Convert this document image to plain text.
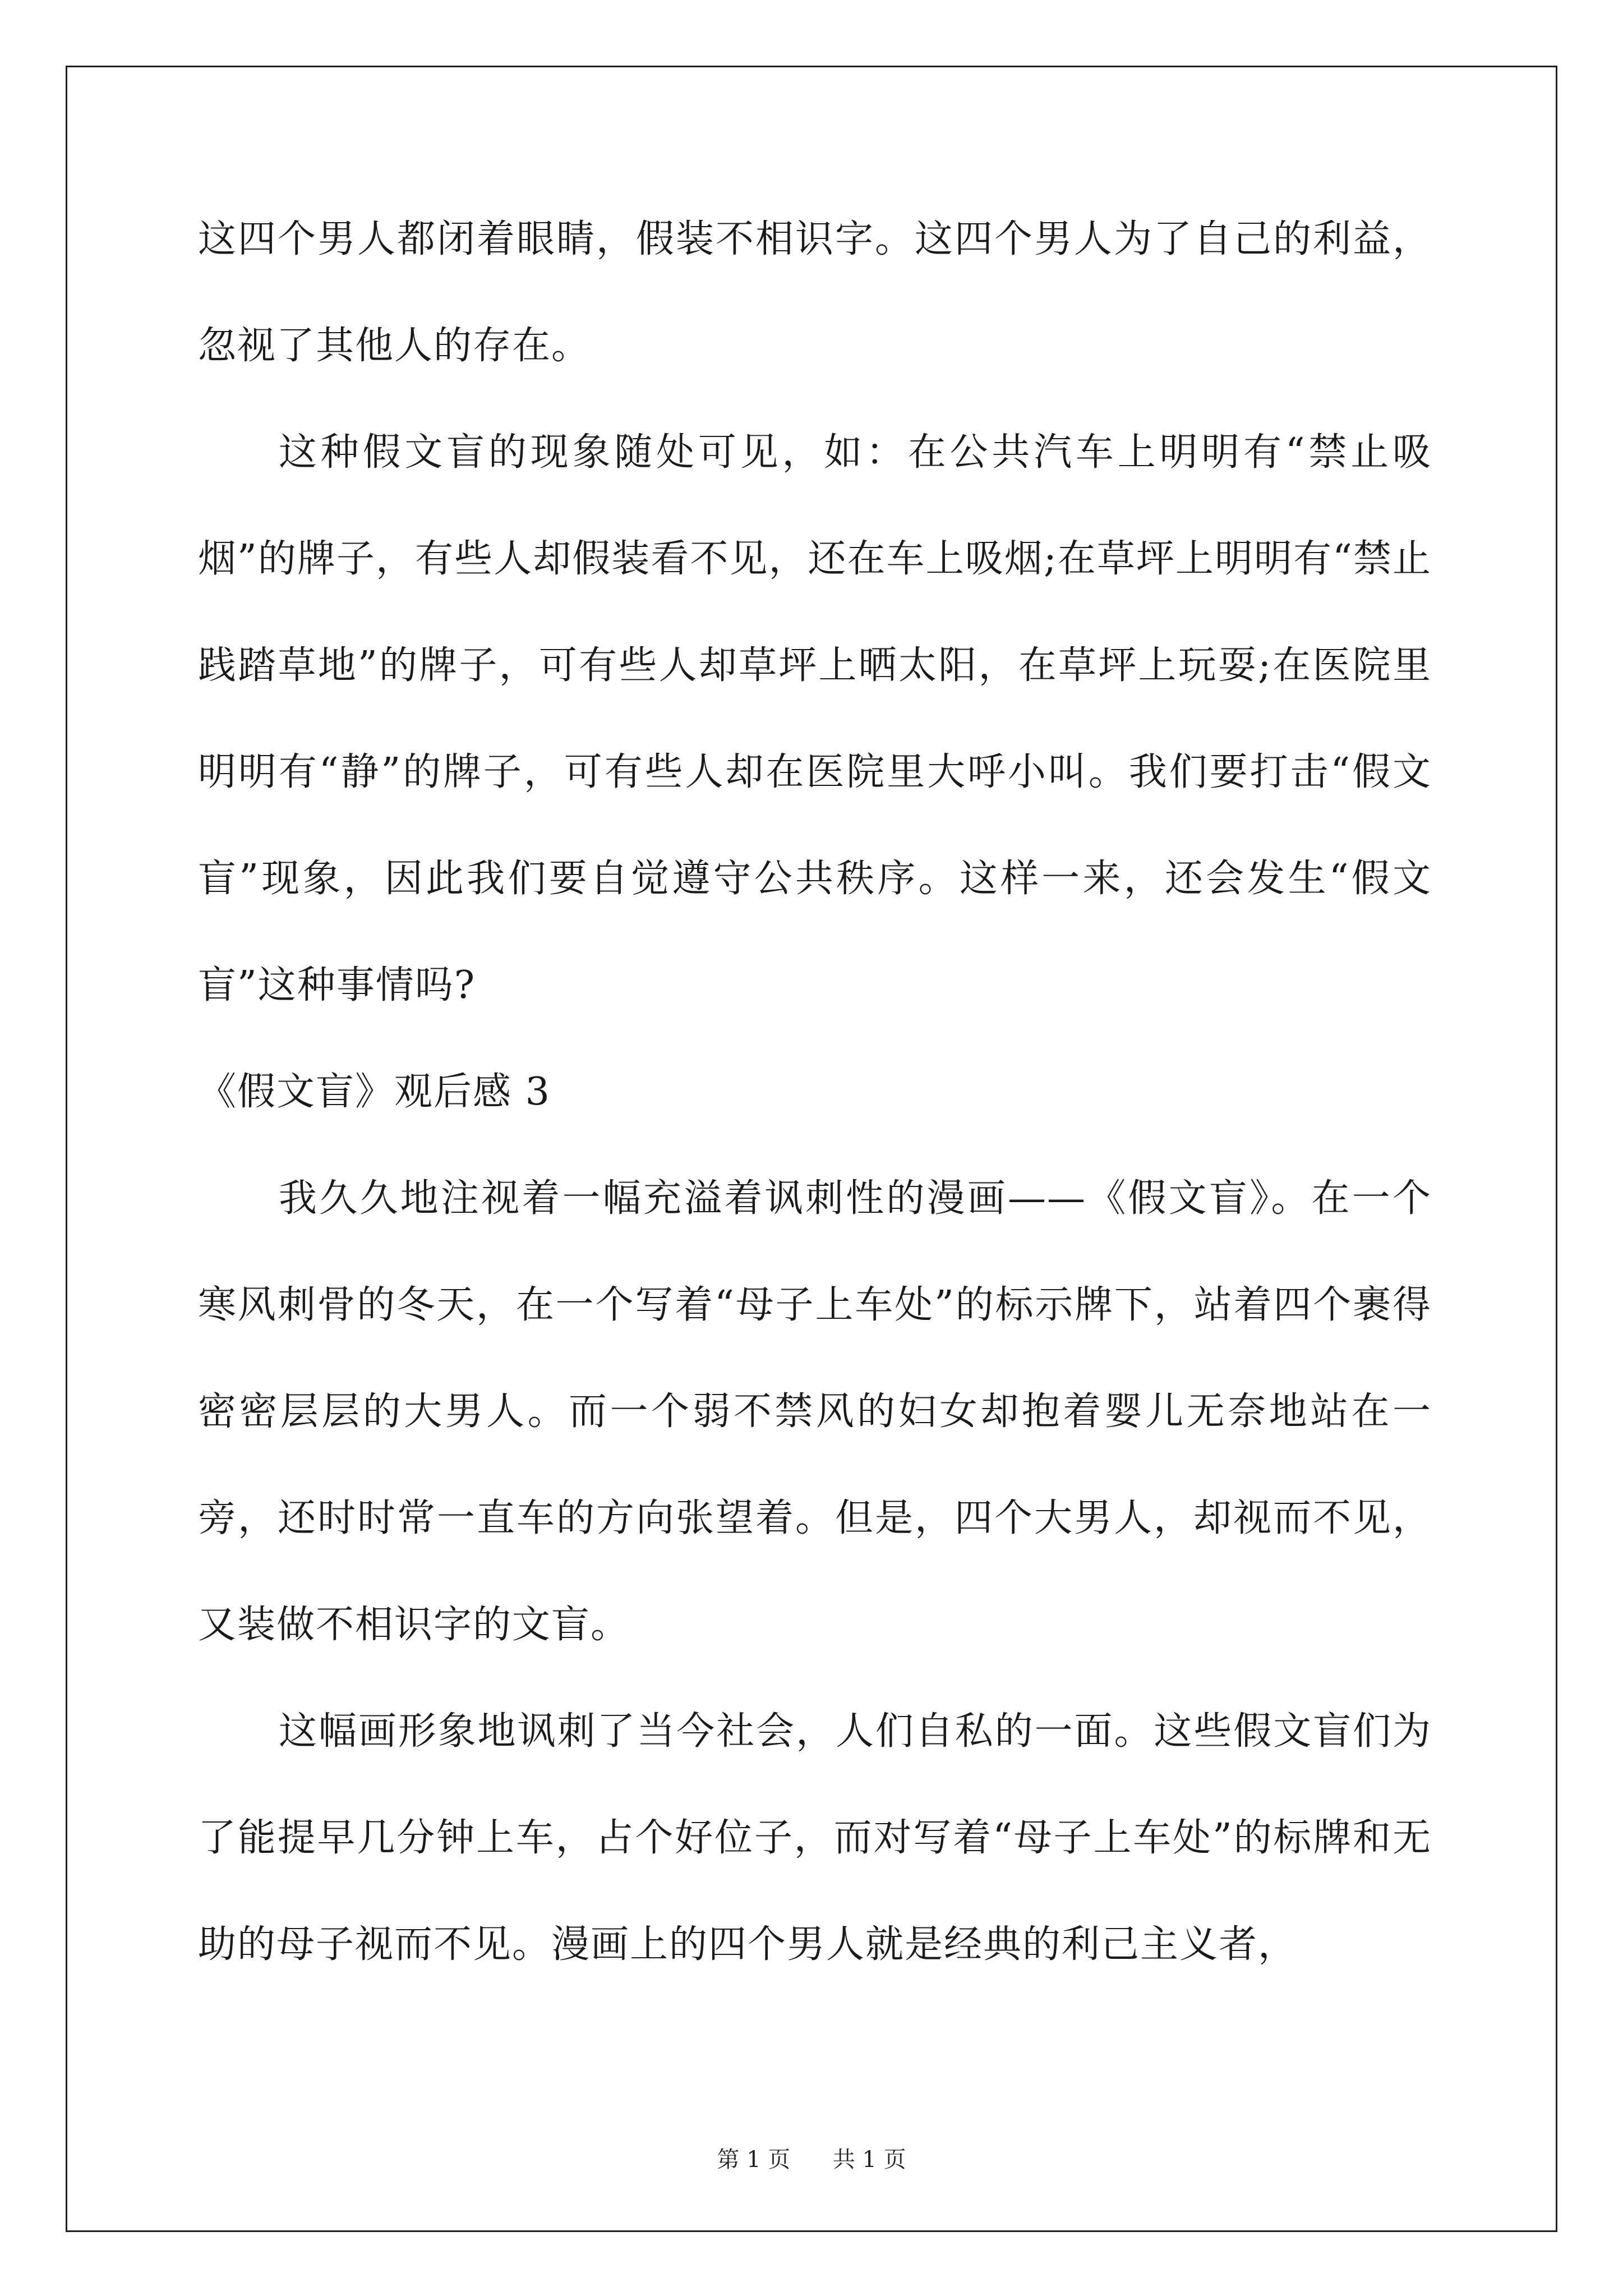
这四个男人都闭着眼睛，假装不相识字。这四个男人为了自己的利益，忽视了其他人的存在。

这种假文盲的现象随处可见，如：在公共汽车上明明有“禁止吸烟”的牌子，有些人却假装看不见，还在车上吸烟;在草坪上明明有“禁止践踏草地”的牌子，可有些人却草坪上晒太阳，在草坪上玩耍;在医院里明明有“静”的牌子，可有些人却在医院里大呼小叫。我们要打击“假文盲”现象，因此我们要自觉遵守公共秩序。这样一来，还会发生“假文盲”这种事情吗?

《假文盲》观后感 3

我久久地注视着一幅充溢着讽刺性的漫画——《假文盲》。在一个寒风刺骨的冬天，在一个写着“母子上车处”的标示牌下，站着四个裹得密密层层的大男人。而一个弱不禁风的妇女却抱着婴儿无奈地站在一旁，还时时常一直车的方向张望着。但是，四个大男人，却视而不见，又装做不相识字的文盲。

这幅画形象地讽刺了当今社会，人们自私的一面。这些假文盲们为了能提早几分钟上车，占个好位子，而对写着“母子上车处”的标牌和无助的母子视而不见。漫画上的四个男人就是经典的利己主义者，

第 1 页 共 1 页
